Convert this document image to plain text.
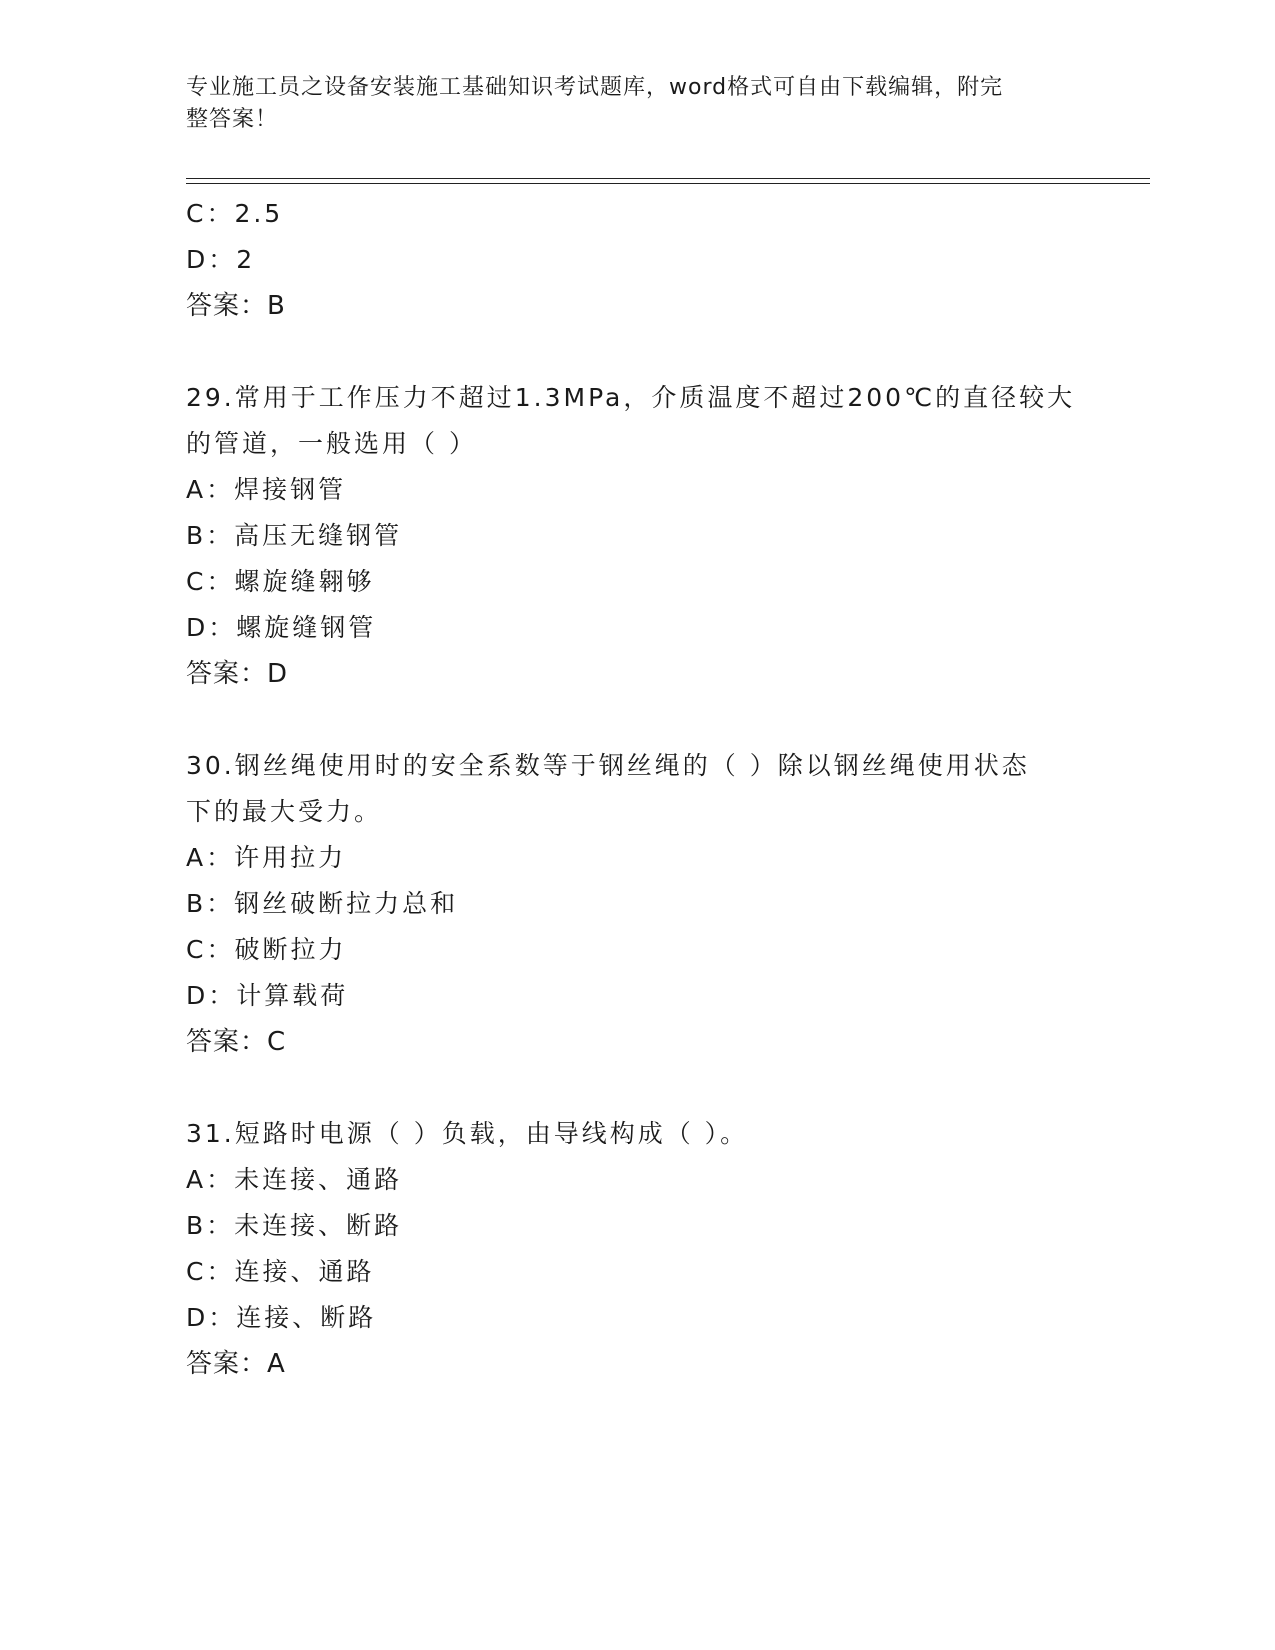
专业施工员之设备安装施工基础知识考试题库，word格式可自由下载编辑，附完
整答案！
C：2.5
D：2
答案：B
29.常用于工作压力不超过1.3MPa，介质温度不超过200℃的直径较大
的管道，一般选用（ ）
A：焊接钢管
B：高压无缝钢管
C：螺旋缝翱够
D：螺旋缝钢管
答案：D
30.钢丝绳使用时的安全系数等于钢丝绳的（ ）除以钢丝绳使用状态
下的最大受力。
A：许用拉力
B：钢丝破断拉力总和
C：破断拉力
D：计算载荷
答案：C
31.短路时电源（ ）负载，由导线构成（ ）。
A：未连接、通路
B：未连接、断路
C：连接、通路
D：连接、断路
答案：A
